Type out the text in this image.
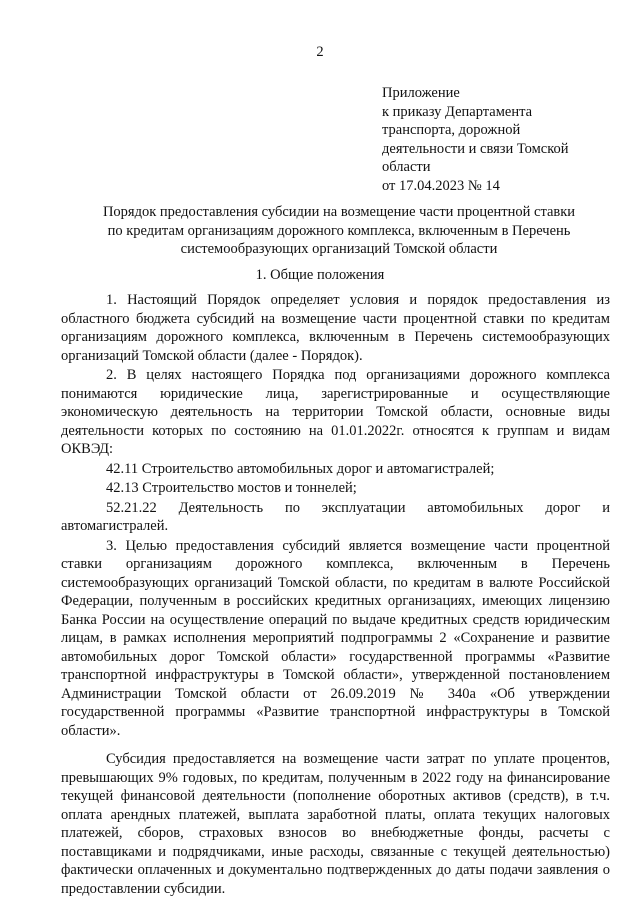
2
Приложение
к приказу Департамента
транспорта, дорожной
деятельности и связи Томской
области
от 17.04.2023 № 14
Порядок предоставления субсидии на возмещение части процентной ставки
по кредитам организациям дорожного комплекса, включенным в Перечень
системообразующих организаций Томской области
1. Общие положения

1. Настоящий Порядок определяет условия и порядок предоставления из областного бюджета субсидий на возмещение части процентной ставки по кредитам организациям дорожного комплекса, включенным в Перечень системообразующих организаций Томской области (далее - Порядок).

2. В целях настоящего Порядка под организациями дорожного комплекса понимаются юридические лица, зарегистрированные и осуществляющие экономическую деятельность на территории Томской области, основные виды деятельности которых по состоянию на 01.01.2022г. относятся к группам и видам ОКВЭД:

42.11 Строительство автомобильных дорог и автомагистралей;

42.13 Строительство мостов и тоннелей;

52.21.22 Деятельность по эксплуатации автомобильных дорог и автомагистралей.

3. Целью предоставления субсидий является возмещение части процентной ставки организациям дорожного комплекса, включенным в Перечень системообразующих организаций Томской области, по кредитам в валюте Российской Федерации, полученным в российских кредитных организациях, имеющих лицензию Банка России на осуществление операций по выдаче кредитных средств юридическим лицам, в рамках исполнения мероприятий подпрограммы 2 «Сохранение и развитие автомобильных дорог Томской области» государственной программы «Развитие транспортной инфраструктуры в Томской области», утвержденной постановлением Администрации Томской области от 26.09.2019 № 340а «Об утверждении государственной программы «Развитие транспортной инфраструктуры в Томской области».

Субсидия предоставляется на возмещение части затрат по уплате процентов, превышающих 9% годовых, по кредитам, полученным в 2022 году на финансирование текущей финансовой деятельности (пополнение оборотных активов (средств), в т.ч. оплата арендных платежей, выплата заработной платы, оплата текущих налоговых платежей, сборов, страховых взносов во внебюджетные фонды, расчеты с поставщиками и подрядчиками, иные расходы, связанные с текущей деятельностью) фактически оплаченных и документально подтвержденных до даты подачи заявления о предоставлении субсидии.
